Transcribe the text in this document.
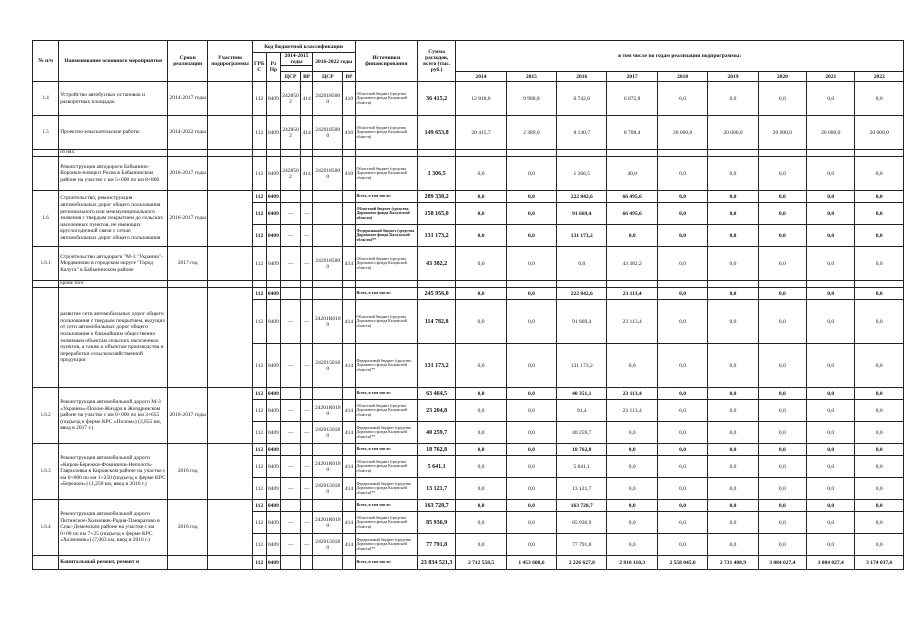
№ п/ч	Наименование основного мероприятия	Сроки реализации	Участник подпрограммы	Код бюджетной классификации						Источники финансирования	Сумма расходов, всего (тыс. руб.)	в том числе по годам реализации подпрограммы:								
				ГРБС	Рз Пр	2014-2015 годы		2016-2022 годы												

						ЦСР	ВР	ЦСР	ВР			2014	2015	2016	2017	2018	2019	2020	2021	2022
1.4	Устройство автобусных остановок и разворотных площадок	2014-2017 годы		112	0409	2428502	414	2420185000	410	Областной бюджет (средства Дорожного фонда Калужской области)	36 415,2	12 818,8	9 980,8	6 742,8	6 872,8	0,0	0,0	0,0	0,0	0,0
1.5	Проектно-изыскательские работы	2014-2022 годы		112	0409	2428502	414	2420185000	410	Областной бюджет (средства Дорожного фонда Калужской области)	149 653,8	20 415,7	2 389,0	8 140,7	8 708,4	20 000,0	20 000,0	20 000,0	20 000,0	20 000,0
	из них:																			
	Реконструкция автодороги Бабынино-Воронки-поворот Росва в Бабынинском районе на участке с км 5+600 по км 8+800	2016-2017 годы		112	0409	2428502	414	2420185000	410	Областной бюджет (средства Дорожного фонда Калужской области)	1 306,5	0,0	0,0	1 266,5	40,0	0,0	0,0	0,0	0,0	0,0
1.6	Строительство, реконструкция автомобильных дорог общего пользования регионального или межмуниципального значения с твердым покрытием до сельских населенных пунктов, не имеющих круглогодичной связи с сетью автомобильных дорог общего пользования	2016-2017 годы		112	0409					Всего, в том числе:	289 338,2	0,0	0,0	222 842,6	66 495,6	0,0	0,0	0,0	0,0	0,0
				112	0409	—	—			Областной бюджет (средства Дорожного фонда Калужской области)	158 165,0	0,0	0,0	91 669,4	66 495,6	0,0	0,0	0,0	0,0	0,0
				112	0409	—	—			Федеральный бюджет (средства Дорожного фонда Калужской области)**	131 173,2	0,0	0,0	131 173,2	0,0	0,0	0,0	0,0	0,0	0,0
1.6.1	Строительство автодороги "М-3 "Украина"-Мордвиново в городском округе "Город Калуга" в Бабынинском районе	2017 год		112	0409	—	—	2420185000	414	Областной бюджет (средства Дорожного фонда Калужской области)	43 382,2	0,0	0,0	0,0	43 382,2	0,0	0,0	0,0	0,0	0,0
	кроме того:																			
	развитие сети автомобильных дорог общего пользования с твердым покрытием, ведущих от сети автомобильных дорог общего пользования к ближайшим общественно значимым объектам сельских населенных пунктов, а также к объектам производства и переработки сельскохозяйственной продукции			112	0409					Всего, в том числе:	245 956,0	0,0	0,0	222 842,6	23 113,4	0,0	0,0	0,0	0,0	0,0
				112	0409	—	—	24201R0180	414	Областной бюджет (средства Дорожного фонда Калужской области)	114 782,8	0,0	0,0	91 669,4	23 113,4	0,0	0,0	0,0	0,0	0,0
				112	0409	—	—	2420150180	414	Федеральный бюджет (средства Дорожного фонда Калужской области)**	131 173,2	0,0	0,0	131 173,2	0,0	0,0	0,0	0,0	0,0	0,0
1.6.2	Реконструкция автомобильной дороги М-3 «Украина»-Полом-Жиздра в Жиздринском районе на участке с км 0+000 по км 3+655 (подъезд к ферме КРС «Полом») (3,655 км, ввод в 2017 г.)	2016-2017 годы		112	0409					Всего, в том числе:	63 464,5	0,0	0,0	40 351,1	23 113,4	0,0	0,0	0,0	0,0	0,0
				112	0409	—	—	24201R0180	414	Областной бюджет (средства Дорожного фонда Калужской области)	23 204,8	0,0	0,0	91,4	23 113,4	0,0	0,0	0,0	0,0	0,0
				112	0409	—	—	2420150180	414	Федеральный бюджет (средства Дорожного фонда Калужской области)**	40 259,7	0,0	0,0	40 259,7	0,0	0,0	0,0	0,0	0,0	0,0
1.6.3	Реконструкция автомобильной дороги «Киров-Бережки-Фоминичи-Неполоть-Гавриловка в Кировском районе на участке с км 0+000 по км 1+250 (подъезд к ферме КРС «Бережки») (1,250 км, ввод в 2016 г.)	2016 год		112	0409					Всего, в том числе:	18 762,8	0,0	0,0	18 762,8	0,0	0,0	0,0	0,0	0,0	0,0
				112	0409	—	—	24201R0180	414	Областной бюджет (средства Дорожного фонда Калужской области)	5 641,1	0,0	0,0	5 641,1	0,0	0,0	0,0	0,0	0,0	0,0
				112	0409	—	—	2420150180	414	Федеральный бюджет (средства Дорожного фонда Калужской области)**	13 121,7	0,0	0,0	13 121,7	0,0	0,0	0,0	0,0	0,0	0,0
1.6.4	Реконструкция автомобильной дороги Питинское-Холмовик-Радня-Панкратово в Спас-Деменском районе на участке с км 0+00 по км 7+25 (подъезд к ферме КРС «Холмовик») (7,063 км, ввод в 2016 г.)	2016 год		112	0409					Всего, в том числе:	163 728,7	0,0	0,0	163 728,7	0,0	0,0	0,0	0,0	0,0	0,0
				112	0409	—	—	24201R0180	414	Областной бюджет (средства Дорожного фонда Калужской области)	85 936,9	0,0	0,0	85 936,9	0,0	0,0	0,0	0,0	0,0	0,0
				112	0409	—	—	2420150180	414	Федеральный бюджет (средства Дорожного фонда Калужской области)**	77 791,8	0,0	0,0	77 791,8	0,0	0,0	0,0	0,0	0,0	0,0
	Капитальный ремонт, ремонт и			112	0409					Всего, в том числе:	23 834 521,3	2 712 558,5	1 453 608,6	2 226 627,8	2 810 110,3	2 558 045,0	2 731 488,9	3 084 027,4	3 084 027,4	3 174 037,6
